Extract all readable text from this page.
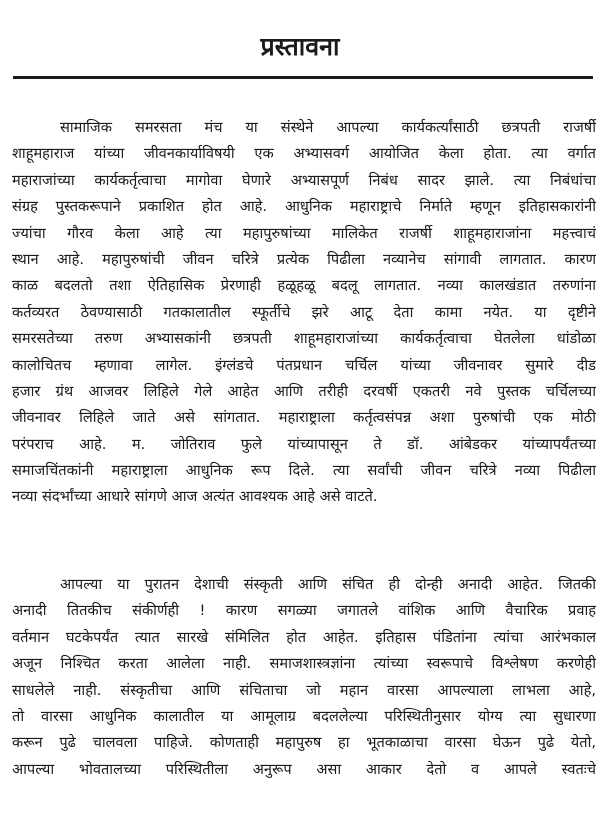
प्रस्तावना

सामाजिक समरसता मंच या संस्थेने आपल्या कार्यकर्त्यांसाठी छत्रपती राजर्षी
शाहूमहाराज यांच्या जीवनकार्याविषयी एक अभ्यासवर्ग आयोजित केला होता. त्या वर्गात
महाराजांच्या कार्यकर्तृत्वाचा मागोवा घेणारे अभ्यासपूर्ण निबंध सादर झाले. त्या निबंधांचा
संग्रह पुस्तकरूपाने प्रकाशित होत आहे. आधुनिक महाराष्ट्राचे निर्माते म्हणून इतिहासकारांनी
ज्यांचा गौरव केला आहे त्या महापुरुषांच्या मालिकेत राजर्षी शाहूमहाराजांना महत्त्वाचं
स्थान आहे. महापुरुषांची जीवन चरित्रे प्रत्येक पिढीला नव्यानेच सांगावी लागतात. कारण
काळ बदलतो तशा ऐतिहासिक प्रेरणाही हळूहळू बदलू लागतात. नव्या कालखंडात तरुणांना
कर्तव्यरत ठेवण्यासाठी गतकालातील स्फूर्तीचे झरे आटू देता कामा नयेत. या दृष्टीने
समरसतेच्या तरुण अभ्यासकांनी छत्रपती शाहूमहाराजांच्या कार्यकर्तृत्वाचा घेतलेला धांडोळा
कालोचितच म्हणावा लागेल. इंग्लंडचे पंतप्रधान चर्चिल यांच्या जीवनावर सुमारे दीड
हजार ग्रंथ आजवर लिहिले गेले आहेत आणि तरीही दरवर्षी एकतरी नवे पुस्तक चर्चिलच्या
जीवनावर लिहिले जाते असे सांगतात. महाराष्ट्राला कर्तृत्वसंपन्न अशा पुरुषांची एक मोठी
परंपराच आहे. म. जोतिराव फुले यांच्यापासून ते डॉ. आंबेडकर यांच्यापर्यंतच्या
समाजचिंतकांनी महाराष्ट्राला आधुनिक रूप दिले. त्या सर्वांची जीवन चरित्रे नव्या पिढीला
नव्या संदर्भांच्या आधारे सांगणे आज अत्यंत आवश्यक आहे असे वाटते.

आपल्या या पुरातन देशाची संस्कृती आणि संचित ही दोन्ही अनादी आहेत. जितकी
अनादी तितकीच संकीर्णही ! कारण सगळ्या जगातले वांशिक आणि वैचारिक प्रवाह
वर्तमान घटकेपर्यंत त्यात सारखे संमिलित होत आहेत. इतिहास पंडितांना त्यांचा आरंभकाल
अजून निश्चित करता आलेला नाही. समाजशास्त्रज्ञांना त्यांच्या स्वरूपाचे विश्लेषण करणेही
साधलेले नाही. संस्कृतीचा आणि संचिताचा जो महान वारसा आपल्याला लाभला आहे,
तो वारसा आधुनिक कालातील या आमूलाग्र बदललेल्या परिस्थितीनुसार योग्य त्या सुधारणा
करून पुढे चालवला पाहिजे. कोणताही महापुरुष हा भूतकाळाचा वारसा घेऊन पुढे येतो,
आपल्या भोवतालच्या परिस्थितीला अनुरूप असा आकार देतो व आपले स्वतःचे
